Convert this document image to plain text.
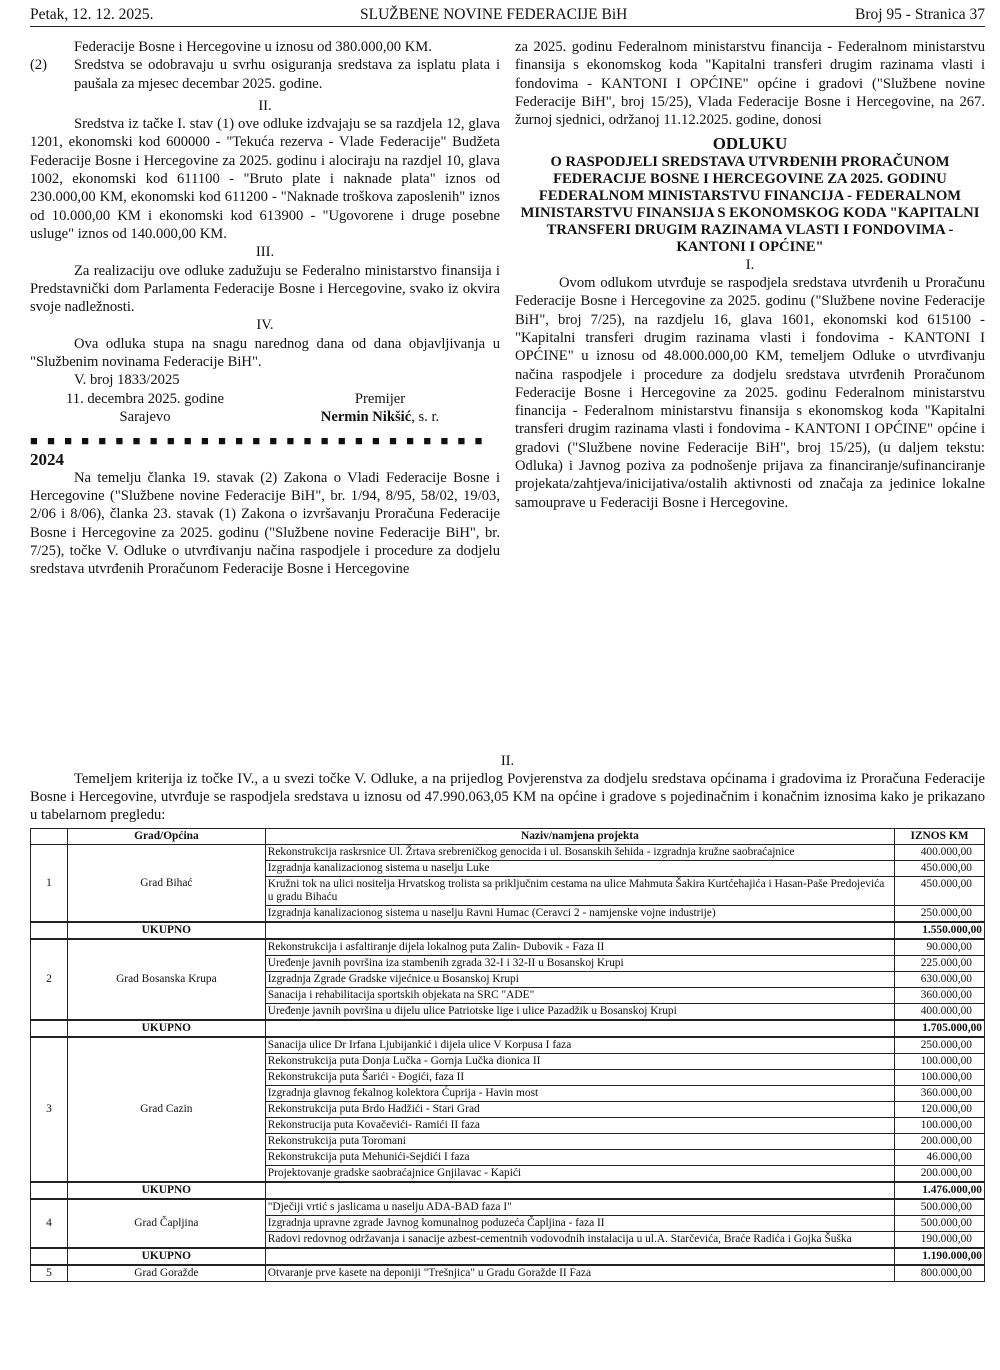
Petak, 12. 12. 2025.	SLUŽBENE NOVINE FEDERACIJE BiH	Broj 95 - Stranica 37

Federacije Bosne i Hercegovine u iznosu od 380.000,00 KM.

(2)	Sredstva se odobravaju u svrhu osiguranja sredstava za isplatu plata i paušala za mjesec decembar 2025. godine.

II.

Sredstva iz tačke I. stav (1) ove odluke izdvajaju se sa razdjela 12, glava 1201, ekonomski kod 600000 - "Tekuća rezerva - Vlade Federacije" Budžeta Federacije Bosne i Hercegovine za 2025. godinu i alociraju na razdjel 10, glava 1002, ekonomski kod 611100 - "Bruto plate i naknade plata" iznos od 230.000,00 KM, ekonomski kod 611200 - "Naknade troškova zaposlenih" iznos od 10.000,00 KM i ekonomski kod 613900 - "Ugovorene i druge posebne usluge" iznos od 140.000,00 KM.

III.

Za realizaciju ove odluke zadužuju se Federalno ministarstvo finansija i Predstavnički dom Parlamenta Federacije Bosne i Hercegovine, svako iz okvira svoje nadležnosti.

IV.

Ova odluka stupa na snagu narednog dana od dana objavljivanja u "Službenim novinama Federacije BiH".

V. broj 1833/2025

11. decembra 2025. godine
Sarajevo
Premijer
Nermin Nikšić, s. r.
■ ■ ■ ■ ■ ■ ■ ■ ■ ■ ■ ■ ■ ■ ■ ■ ■ ■ ■ ■ ■ ■ ■ ■ ■ ■ ■

2024

Na temelju članka 19. stavak (2) Zakona o Vladi Federacije Bosne i Hercegovine ("Službene novine Federacije BiH", br. 1/94, 8/95, 58/02, 19/03, 2/06 i 8/06), članka 23. stavak (1) Zakona o izvršavanju Proračuna Federacije Bosne i Hercegovine za 2025. godinu ("Službene novine Federacije BiH", br. 7/25), točke V. Odluke o utvrđivanju načina raspodjele i procedure za dodjelu sredstava utvrđenih Proračunom Federacije Bosne i Hercegovine

za 2025. godinu Federalnom ministarstvu financija - Federalnom ministarstvu finansija s ekonomskog koda "Kapitalni transferi drugim razinama vlasti i fondovima - KANTONI I OPĆINE" općine i gradovi ("Službene novine Federacije BiH", broj 15/25), Vlada Federacije Bosne i Hercegovine, na 267. žurnoj sjednici, održanoj 11.12.2025. godine, donosi

ODLUKU

O RASPODJELI SREDSTAVA UTVRĐENIH PRORAČUNOM FEDERACIJE BOSNE I HERCEGOVINE ZA 2025. GODINU FEDERALNOM MINISTARSTVU FINANCIJA - FEDERALNOM MINISTARSTVU FINANSIJA S EKONOMSKOG KODA "KAPITALNI TRANSFERI DRUGIM RAZINAMA VLASTI I FONDOVIMA - KANTONI I OPĆINE"

I.

Ovom odlukom utvrđuje se raspodjela sredstava utvrđenih u Proračunu Federacije Bosne i Hercegovine za 2025. godinu ("Službene novine Federacije BiH", broj 7/25), na razdjelu 16, glava 1601, ekonomski kod 615100 - "Kapitalni transferi drugim razinama vlasti i fondovima - KANTONI I OPĆINE" u iznosu od 48.000.000,00 KM, temeljem Odluke o utvrđivanju načina raspodjele i procedure za dodjelu sredstava utvrđenih Proračunom Federacije Bosne i Hercegovine za 2025. godinu Federalnom ministarstvu financija - Federalnom ministarstvu finansija s ekonomskog koda "Kapitalni transferi drugim razinama vlasti i fondovima - KANTONI I OPĆINE" općine i gradovi ("Službene novine Federacije BiH", broj 15/25), (u daljem tekstu: Odluka) i Javnog poziva za podnošenje prijava za financiranje/sufinanciranje projekata/zahtjeva/inicijativa/ostalih aktivnosti od značaja za jedinice lokalne samouprave u Federaciji Bosne i Hercegovine.

II.

Temeljem kriterija iz točke IV., a u svezi točke V. Odluke, a na prijedlog Povjerenstva za dodjelu sredstava općinama i gradovima iz Proračuna Federacije Bosne i Hercegovine, utvrđuje se raspodjela sredstava u iznosu od 47.990.063,05 KM na općine i gradove s pojedinačnim i konačnim iznosima kako je prikazano u tabelarnom pregledu:

	Grad/Općina	Naziv/namjena projekta	IZNOS KM
1	Grad Bihać	Rekonstrukcija raskrsnice Ul. Žrtava srebreničkog genocida i ul. Bosanskih šehida - izgradnja kružne saobraćajnice	400.000,00
		Izgradnja kanalizacionog sistema u naselju Luke	450.000,00
		Kružni tok na ulici nositelja Hrvatskog trolista sa priključnim cestama na ulice Mahmuta Šakira Kurtćehajića i Hasan-Paše Predojevića u gradu Bihaću	450.000,00
		Izgradnja kanalizacionog sistema u naselju Ravni Humac (Ceravci 2 - namjenske vojne industrije)	250.000,00
	UKUPNO		1.550.000,00
2	Grad Bosanska Krupa	Rekonstrukcija i asfaltiranje dijela lokalnog puta Zalin- Dubovik - Faza II	90.000,00
		Uređenje javnih površina iza stambenih zgrada 32-I i 32-II u Bosanskoj Krupi	225.000,00
		Izgradnja Zgrade Gradske vijećnice u Bosanskoj Krupi	630.000,00
		Sanacija i rehabilitacija sportskih objekata na SRC "ADE"	360.000,00
		Uređenje javnih površina u dijelu ulice Patriotske lige i ulice Pazadžik u Bosanskoj Krupi	400.000,00
	UKUPNO		1.705.000,00
3	Grad Cazin	Sanacija ulice Dr Irfana Ljubijankić i dijela ulice V Korpusa I faza	250.000,00
		Rekonstrukcija puta Donja Lučka - Gornja Lučka dionica II	100.000,00
		Rekonstrukcija puta Šarići - Đogići, faza II	100.000,00
		Izgradnja glavnog fekalnog kolektora Ćuprija - Havin most	360.000,00
		Rekonstrukcija puta Brdo Hadžići - Stari Grad	120.000,00
		Rekonstrucija puta Kovačevići- Ramići II faza	100.000,00
		Rekonstrukcija puta Toromani	200.000,00
		Rekonstrukcija puta Mehunići-Sejdići I faza	46.000,00
		Projektovanje gradske saobraćajnice Gnjilavac - Kapići	200.000,00
	UKUPNO		1.476.000,00
4	Grad Čapljina	"Dječiji vrtić s jaslicama u naselju ADA-BAD faza I"	500.000,00
		Izgradnja upravne zgrade Javnog komunalnog poduzeća Čapljina - faza II	500.000,00
		Radovi redovnog održavanja i sanacije azbest-cementnih vodovodnih instalacija u ul.A. Starčevića, Braće Radića i Gojka Šuška	190.000,00
	UKUPNO		1.190.000,00
5	Grad Goražde	Otvaranje prve kasete na deponiji "Trešnjica" u Gradu Goražde II Faza	800.000,00
